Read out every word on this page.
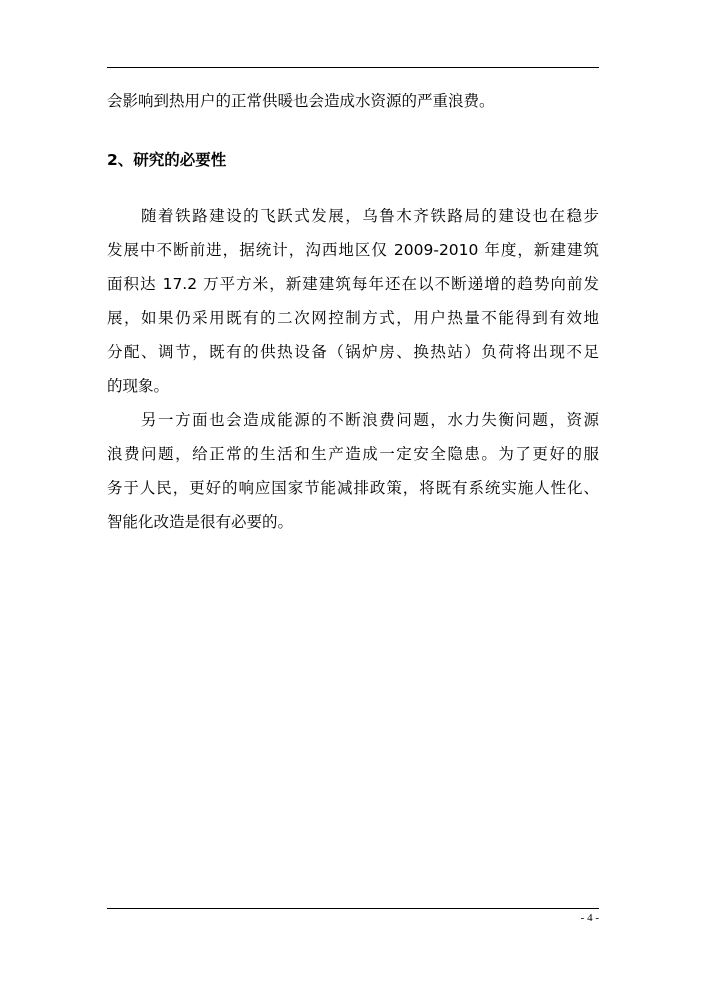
会影响到热用户的正常供暖也会造成水资源的严重浪费。
2、研究的必要性
　　随着铁路建设的飞跃式发展，乌鲁木齐铁路局的建设也在稳步
发展中不断前进，据统计，沟西地区仅 2009-2010 年度，新建建筑
面积达 17.2 万平方米，新建建筑每年还在以不断递增的趋势向前发
展，如果仍采用既有的二次网控制方式，用户热量不能得到有效地
分配、调节，既有的供热设备（锅炉房、换热站）负荷将出现不足
的现象。
　　另一方面也会造成能源的不断浪费问题，水力失衡问题，资源
浪费问题，给正常的生活和生产造成一定安全隐患。为了更好的服
务于人民，更好的响应国家节能减排政策，将既有系统实施人性化、
智能化改造是很有必要的。
- 4 -
